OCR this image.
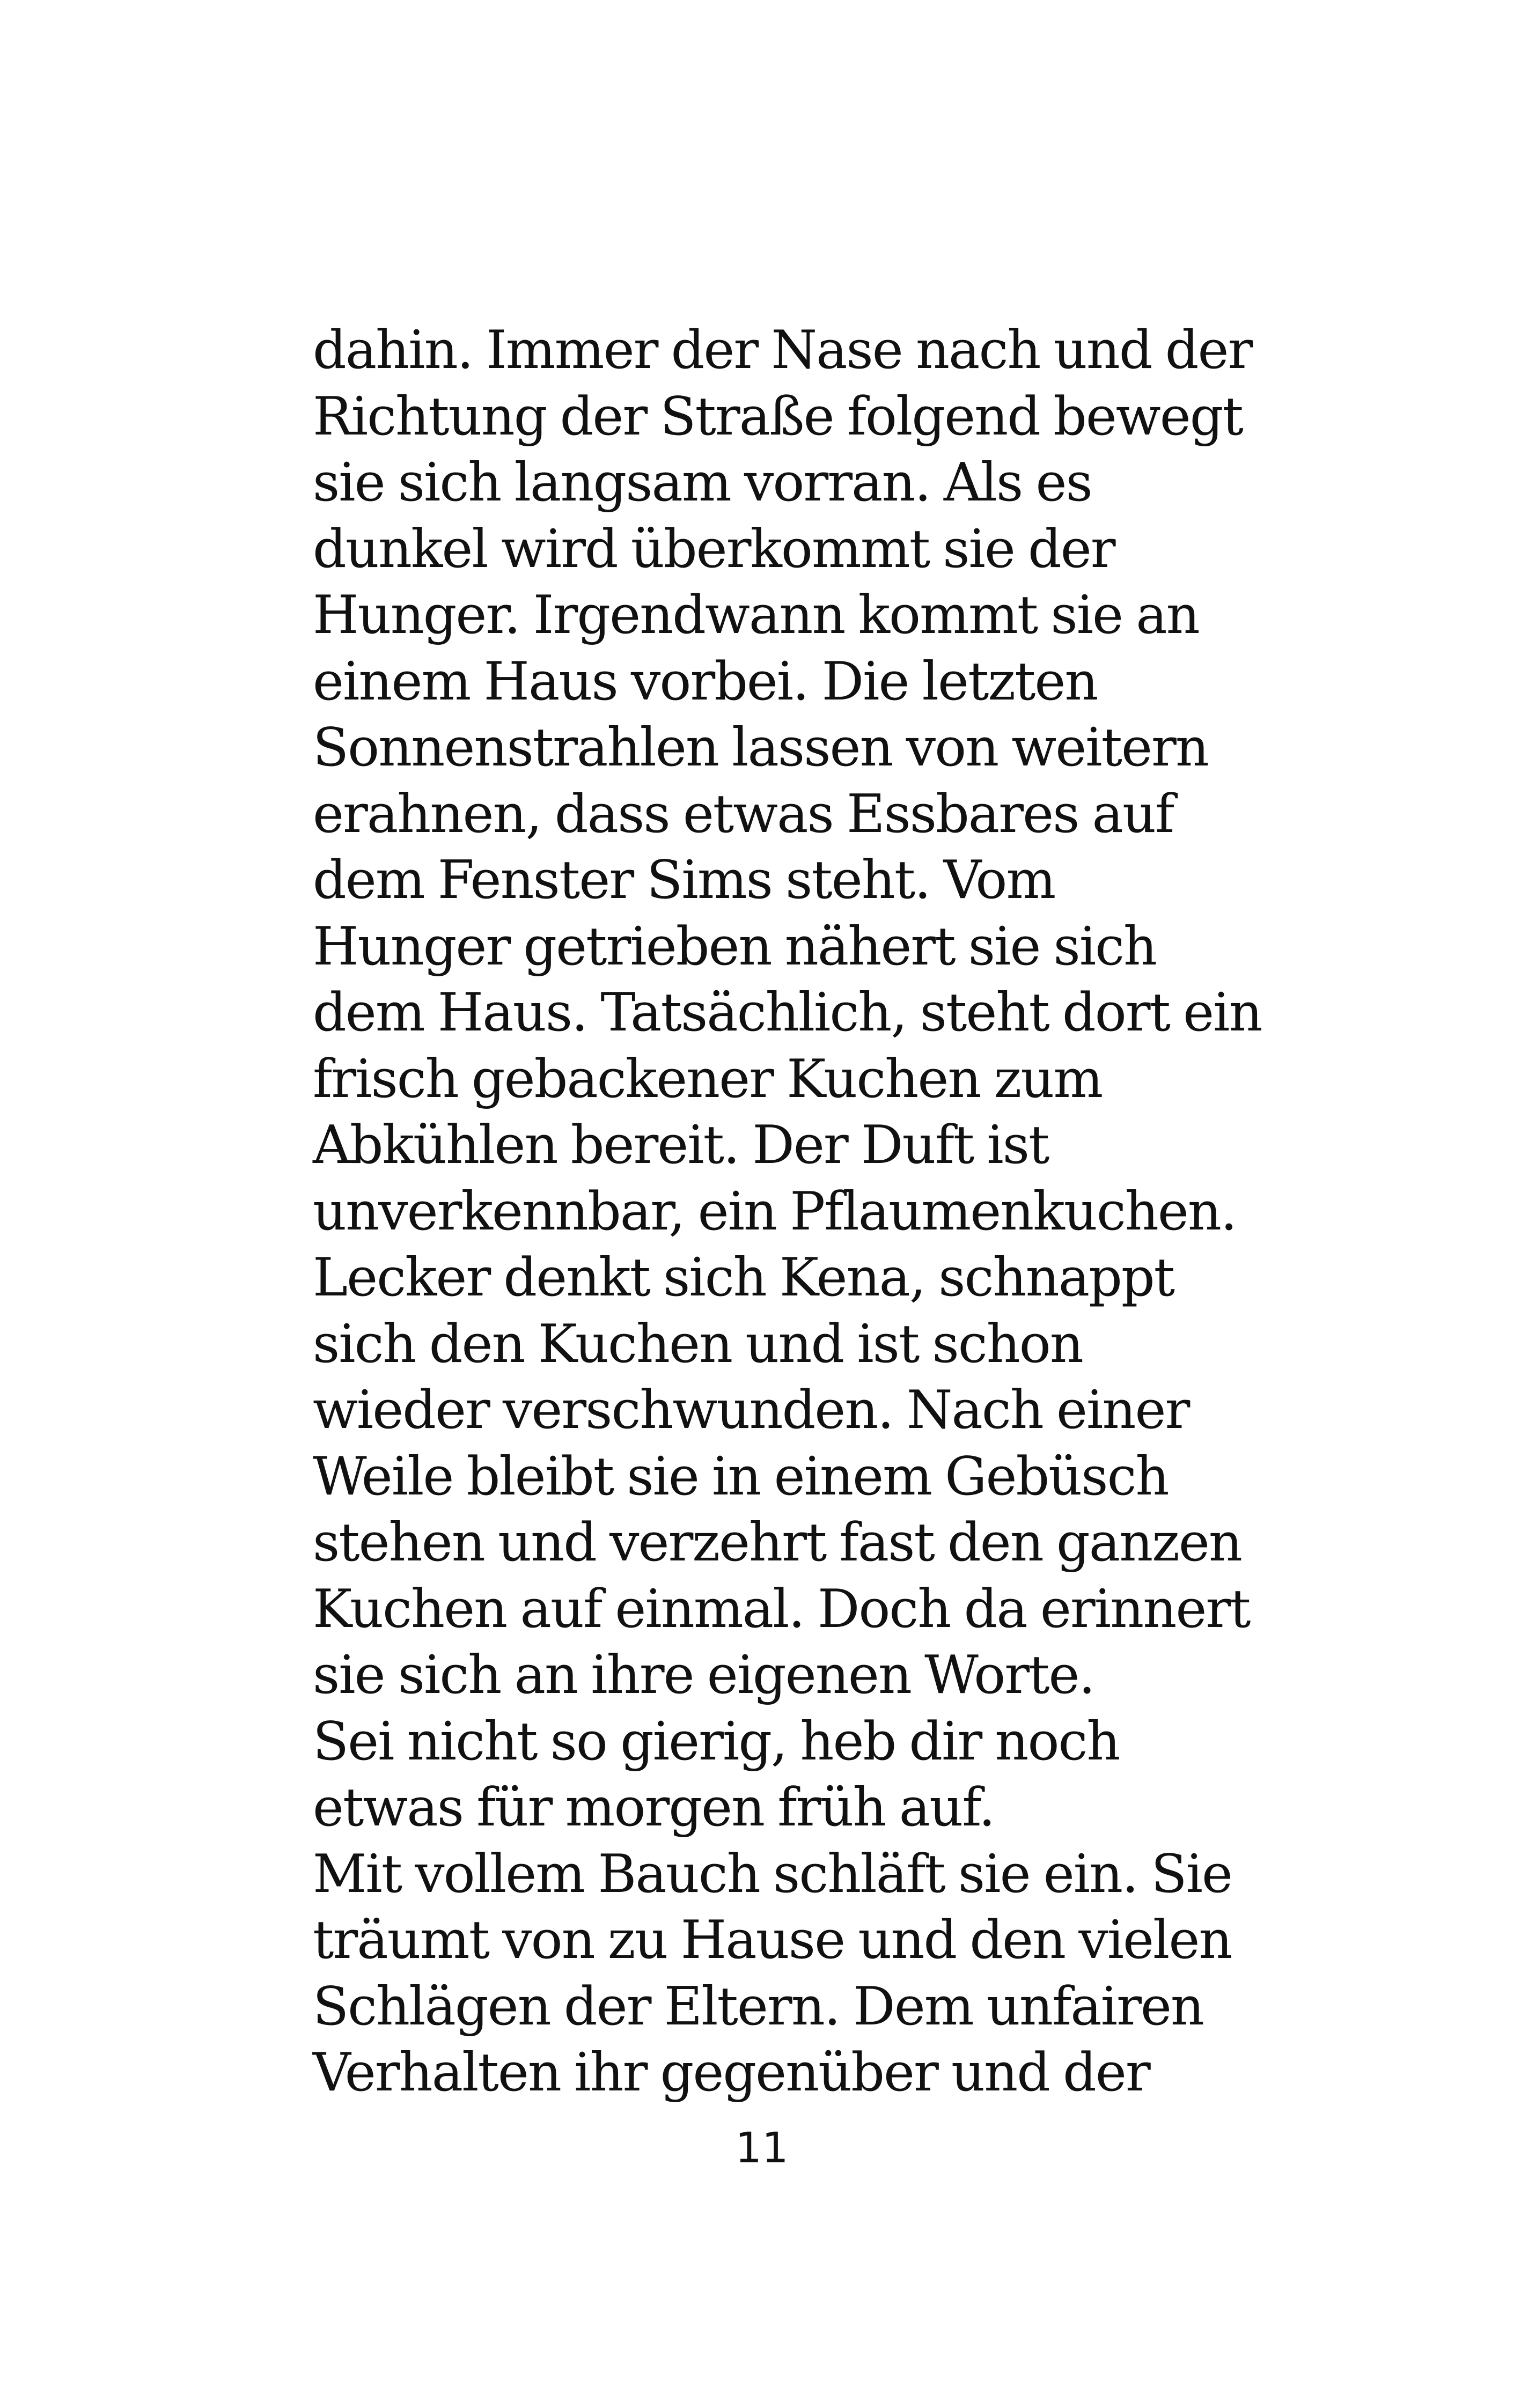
dahin. Immer der Nase nach und der
Richtung der Straße folgend bewegt
sie sich langsam vorran. Als es
dunkel wird überkommt sie der
Hunger. Irgendwann kommt sie an
einem Haus vorbei. Die letzten
Sonnenstrahlen lassen von weitern
erahnen, dass etwas Essbares auf
dem Fenster Sims steht. Vom
Hunger getrieben nähert sie sich
dem Haus. Tatsächlich, steht dort ein
frisch gebackener Kuchen zum
Abkühlen bereit. Der Duft ist
unverkennbar, ein Pflaumenkuchen.
Lecker denkt sich Kena, schnappt
sich den Kuchen und ist schon
wieder verschwunden. Nach einer
Weile bleibt sie in einem Gebüsch
stehen und verzehrt fast den ganzen
Kuchen auf einmal. Doch da erinnert
sie sich an ihre eigenen Worte.
Sei nicht so gierig, heb dir noch
etwas für morgen früh auf.
Mit vollem Bauch schläft sie ein. Sie
träumt von zu Hause und den vielen
Schlägen der Eltern. Dem unfairen
Verhalten ihr gegenüber und der
11
